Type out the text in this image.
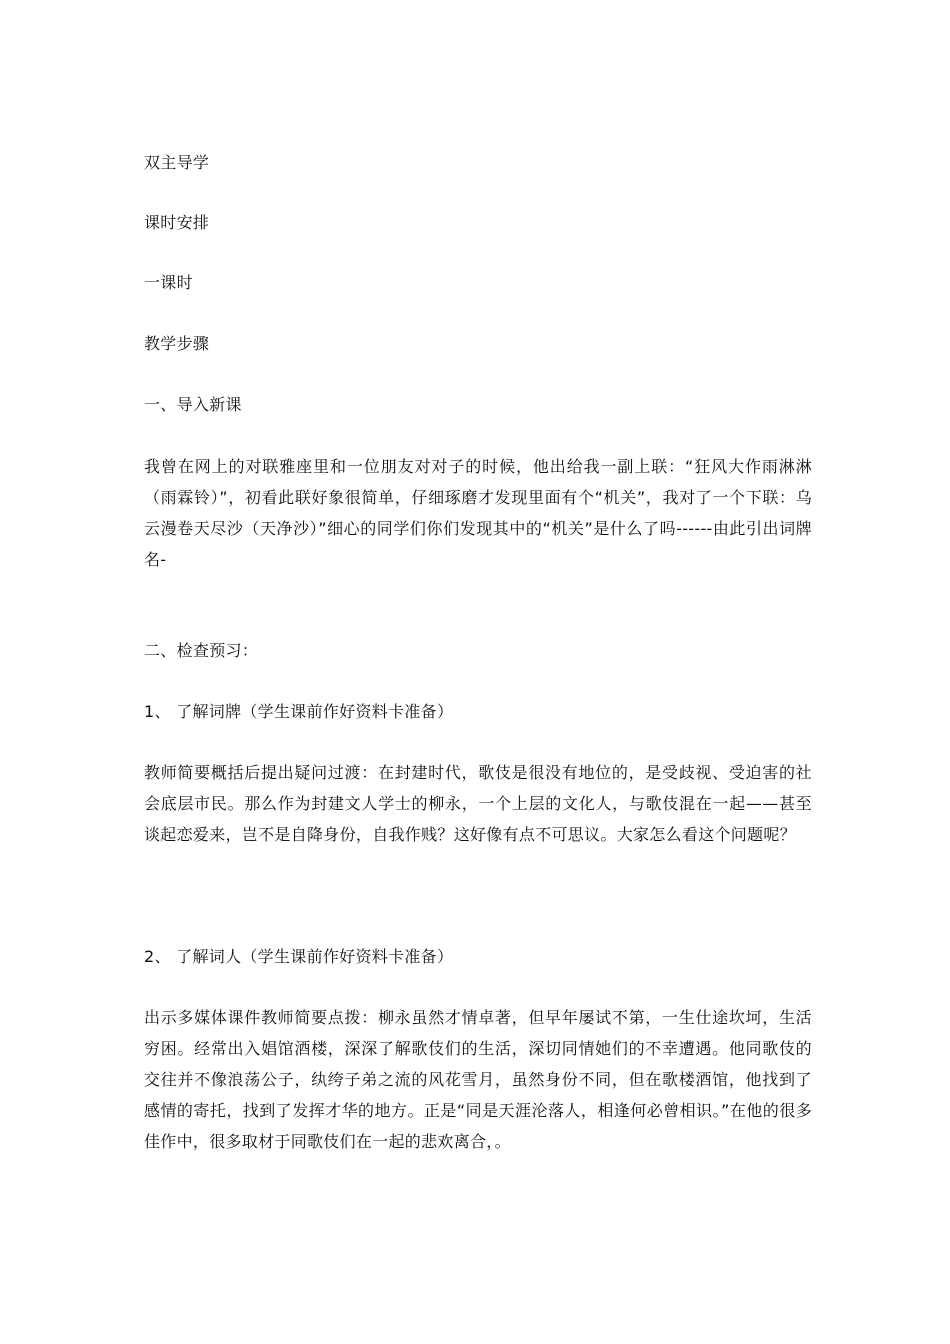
双主导学

课时安排

一课时

教学步骤

一、导入新课

我曾在网上的对联雅座里和一位朋友对对子的时候，他出给我一副上联：“狂风大作雨淋淋（雨霖铃）”，初看此联好象很简单，仔细琢磨才发现里面有个“机关”，我对了一个下联：乌云漫卷天尽沙（天净沙）”细心的同学们你们发现其中的“机关”是什么了吗------由此引出词牌名-

二、检查预习：

1、 了解词牌（学生课前作好资料卡准备）

教师简要概括后提出疑问过渡：在封建时代，歌伎是很没有地位的，是受歧视、受迫害的社会底层市民。那么作为封建文人学士的柳永，一个上层的文化人，与歌伎混在一起——甚至谈起恋爱来，岂不是自降身份，自我作贱？这好像有点不可思议。大家怎么看这个问题呢？

2、 了解词人（学生课前作好资料卡准备）

出示多媒体课件教师简要点拨：柳永虽然才情卓著，但早年屡试不第，一生仕途坎坷，生活穷困。经常出入娼馆酒楼，深深了解歌伎们的生活，深切同情她们的不幸遭遇。他同歌伎的交往并不像浪荡公子，纨绔子弟之流的风花雪月，虽然身份不同，但在歌楼酒馆，他找到了感情的寄托，找到了发挥才华的地方。正是“同是天涯沦落人，相逢何必曾相识。”在他的很多佳作中，很多取材于同歌伎们在一起的悲欢离合，。
